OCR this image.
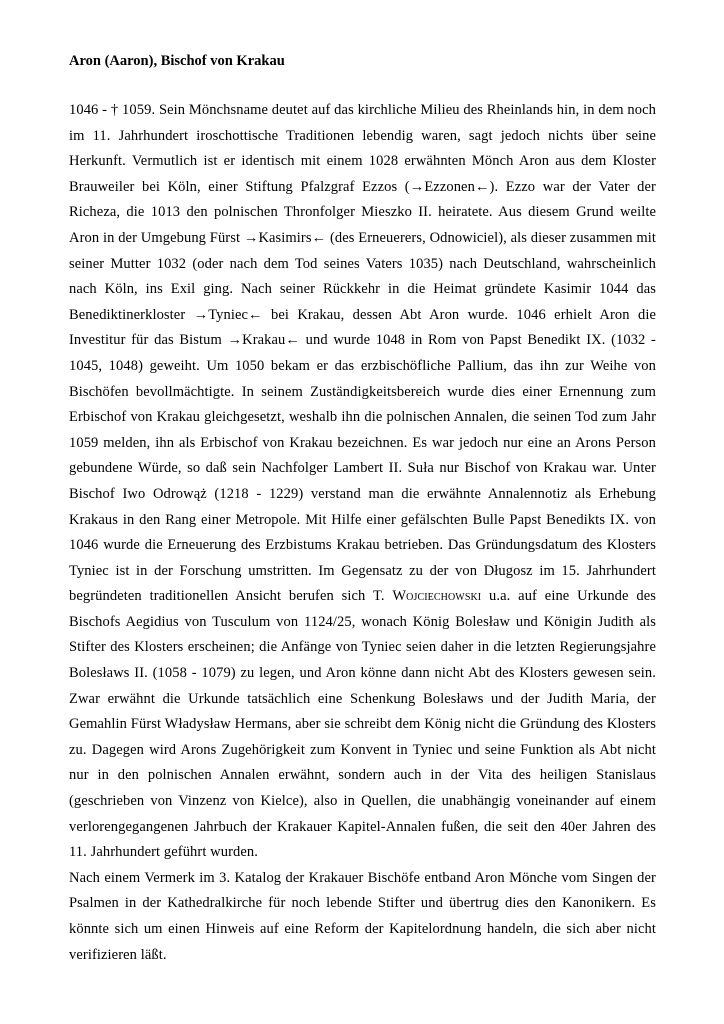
Aron (Aaron), Bischof von Krakau

1046 - † 1059. Sein Mönchsname deutet auf das kirchliche Milieu des Rheinlands hin, in dem noch im 11. Jahrhundert iroschottische Traditionen lebendig waren, sagt jedoch nichts über seine Herkunft. Vermutlich ist er identisch mit einem 1028 erwähnten Mönch Aron aus dem Kloster Brauweiler bei Köln, einer Stiftung Pfalzgraf Ezzos (→Ezzonen←). Ezzo war der Vater der Richeza, die 1013 den polnischen Thronfolger Mieszko II. heiratete. Aus diesem Grund weilte Aron in der Umgebung Fürst →Kasimirs← (des Erneuerers, Odnowiciel), als dieser zusammen mit seiner Mutter 1032 (oder nach dem Tod seines Vaters 1035) nach Deutschland, wahrscheinlich nach Köln, ins Exil ging. Nach seiner Rückkehr in die Heimat gründete Kasimir 1044 das Benediktinerkloster →Tyniec← bei Krakau, dessen Abt Aron wurde. 1046 erhielt Aron die Investitur für das Bistum →Krakau← und wurde 1048 in Rom von Papst Benedikt IX. (1032 - 1045, 1048) geweiht. Um 1050 bekam er das erzbischöfliche Pallium, das ihn zur Weihe von Bischöfen bevollmächtigte. In seinem Zuständigkeitsbereich wurde dies einer Ernennung zum Erbischof von Krakau gleichgesetzt, weshalb ihn die polnischen Annalen, die seinen Tod zum Jahr 1059 melden, ihn als Erbischof von Krakau bezeichnen. Es war jedoch nur eine an Arons Person gebundene Würde, so daß sein Nachfolger Lambert II. Suła nur Bischof von Krakau war. Unter Bischof Iwo Odrowąż (1218 - 1229) verstand man die erwähnte Annalennotiz als Erhebung Krakaus in den Rang einer Metropole. Mit Hilfe einer gefälschten Bulle Papst Benedikts IX. von 1046 wurde die Erneuerung des Erzbistums Krakau betrieben. Das Gründungsdatum des Klosters Tyniec ist in der Forschung umstritten. Im Gegensatz zu der von Długosz im 15. Jahrhundert begründeten traditionellen Ansicht berufen sich T. Wojciechowski u.a. auf eine Urkunde des Bischofs Aegidius von Tusculum von 1124/25, wonach König Bolesław und Königin Judith als Stifter des Klosters erscheinen; die Anfänge von Tyniec seien daher in die letzten Regierungsjahre Bolesławs II. (1058 - 1079) zu legen, und Aron könne dann nicht Abt des Klosters gewesen sein. Zwar erwähnt die Urkunde tatsächlich eine Schenkung Bolesławs und der Judith Maria, der Gemahlin Fürst Władysław Hermans, aber sie schreibt dem König nicht die Gründung des Klosters zu. Dagegen wird Arons Zugehörigkeit zum Konvent in Tyniec und seine Funktion als Abt nicht nur in den polnischen Annalen erwähnt, sondern auch in der Vita des heiligen Stanislaus (geschrieben von Vinzenz von Kielce), also in Quellen, die unabhängig voneinander auf einem verlorengegangenen Jahrbuch der Krakauer Kapitel-Annalen fußen, die seit den 40er Jahren des 11. Jahrhundert geführt wurden.

Nach einem Vermerk im 3. Katalog der Krakauer Bischöfe entband Aron Mönche vom Singen der Psalmen in der Kathedralkirche für noch lebende Stifter und übertrug dies den Kanonikern. Es könnte sich um einen Hinweis auf eine Reform der Kapitelordnung handeln, die sich aber nicht verifizieren läßt.
